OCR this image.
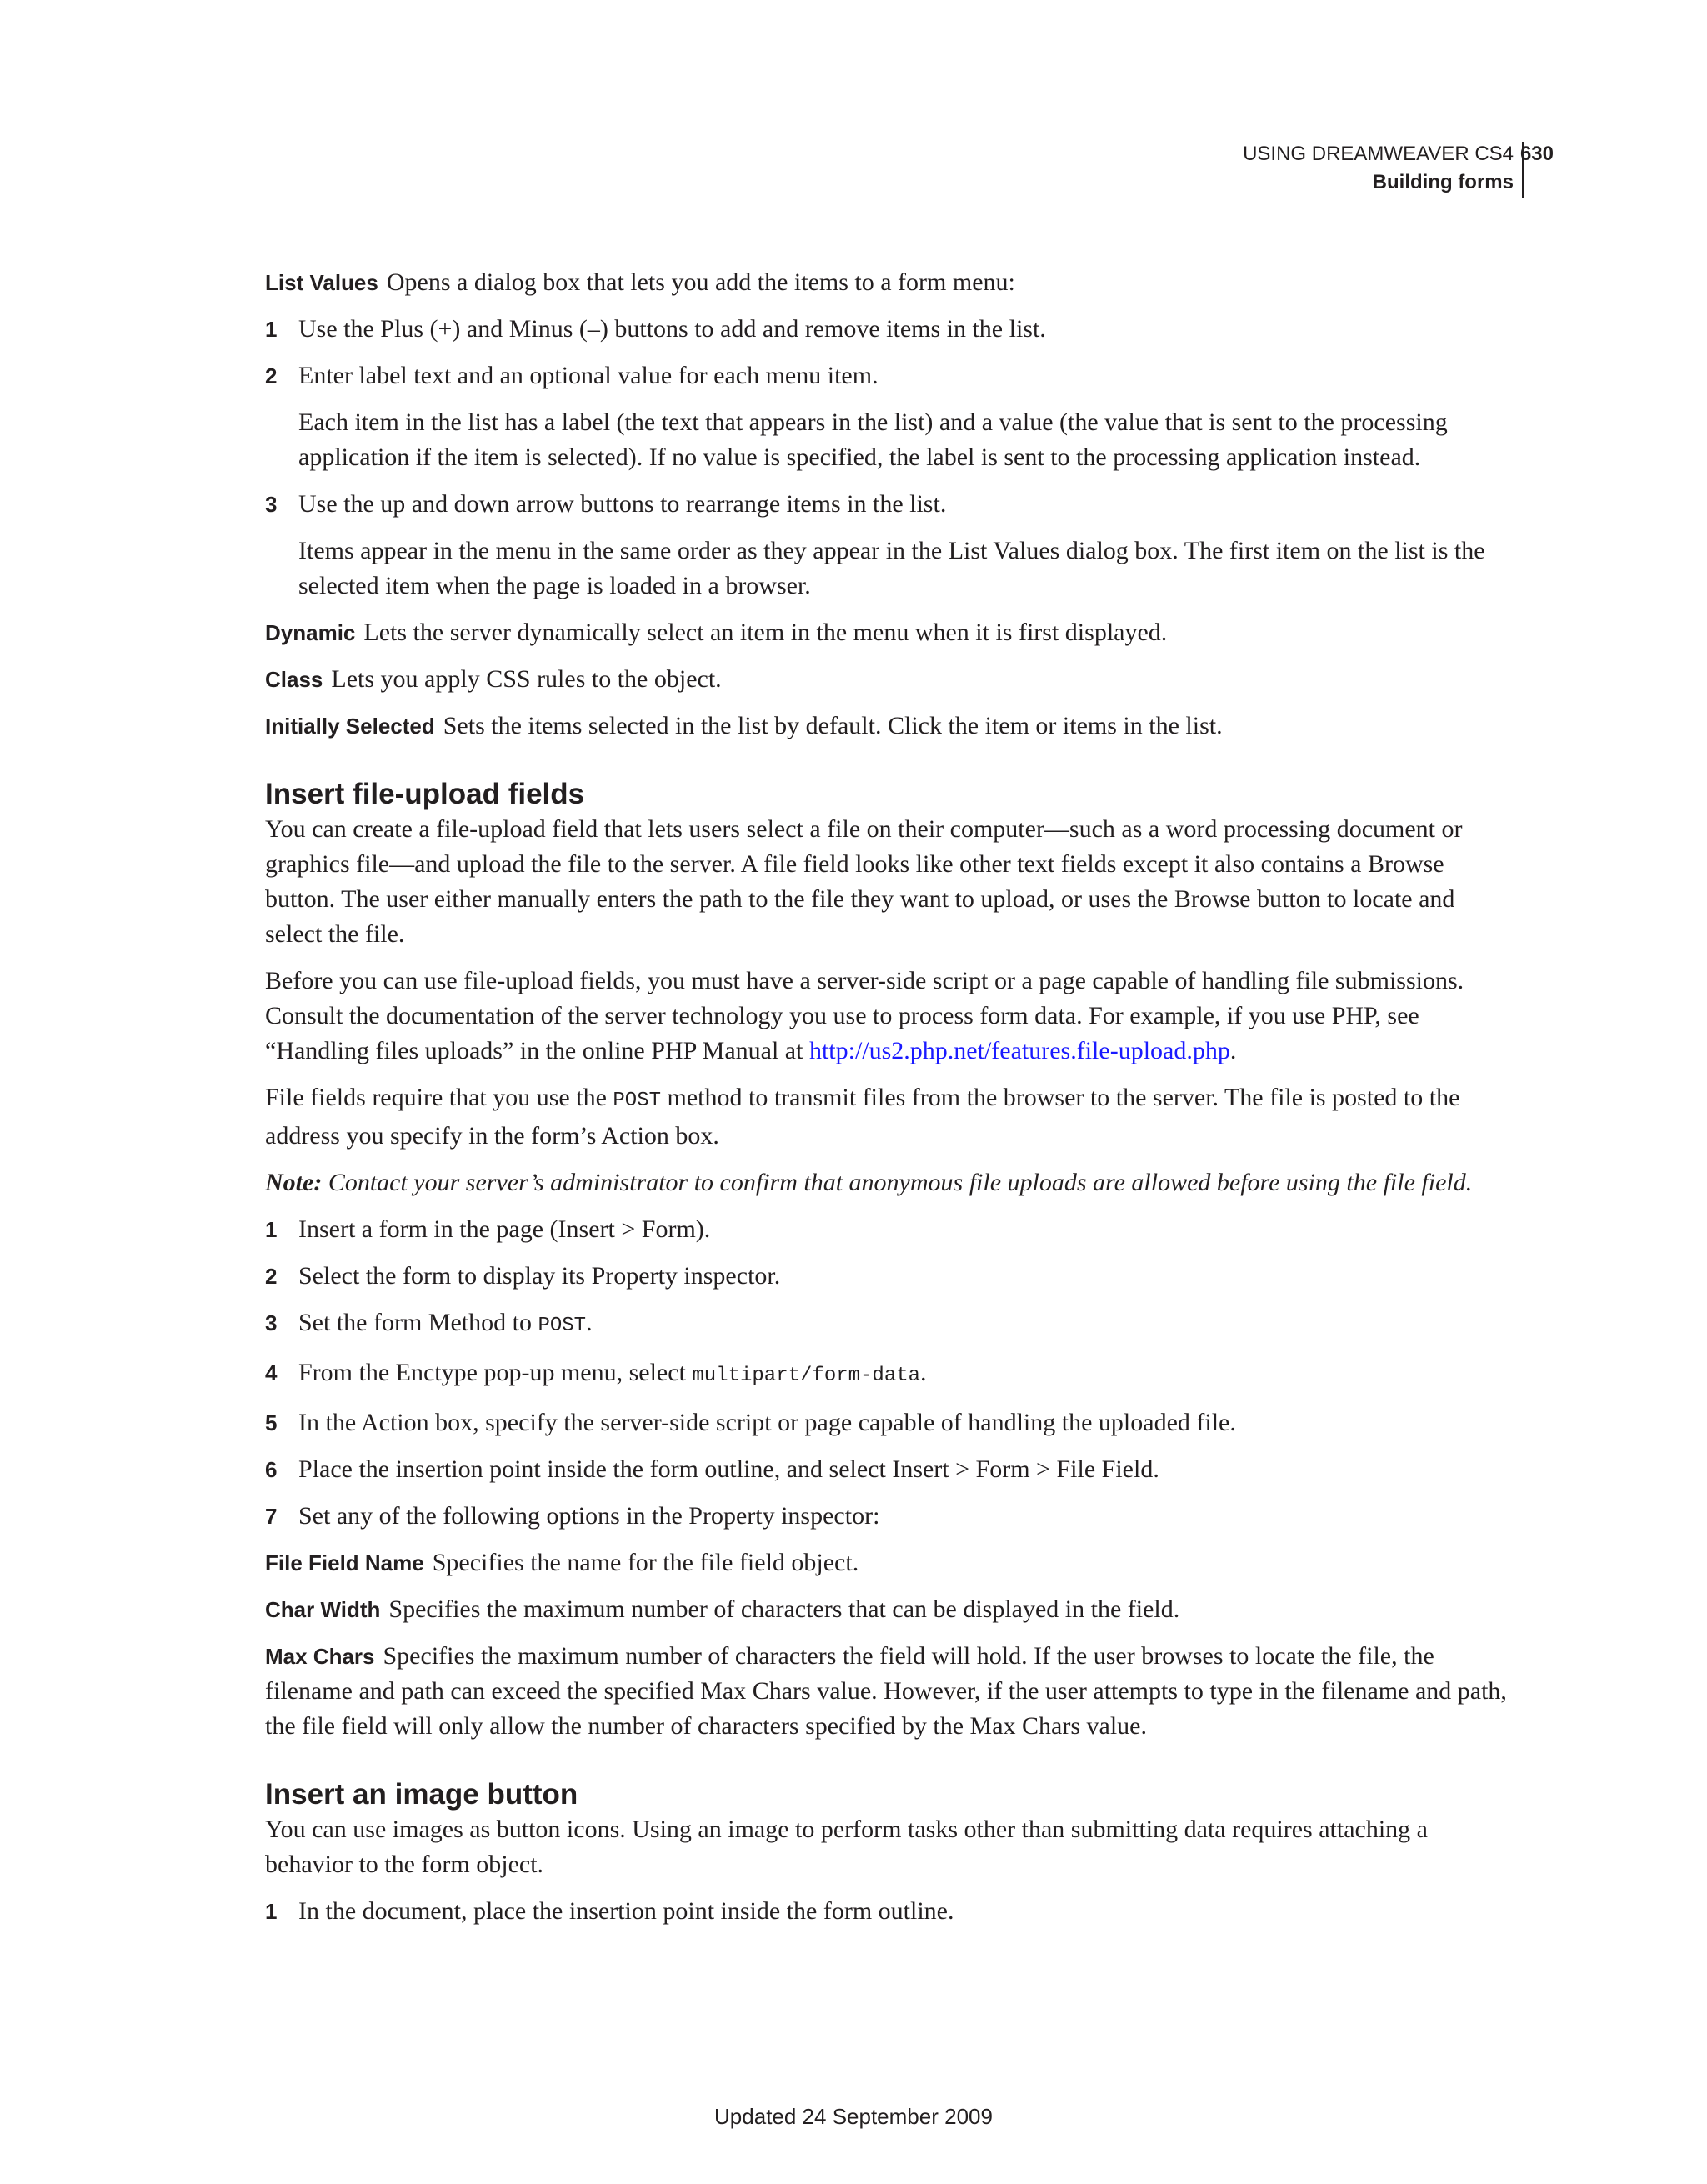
USING DREAMWEAVER CS4
Building forms
630

List Values Opens a dialog box that lets you add the items to a form menu:

1 Use the Plus (+) and Minus (–) buttons to add and remove items in the list.

2 Enter label text and an optional value for each menu item.

Each item in the list has a label (the text that appears in the list) and a value (the value that is sent to the processing application if the item is selected). If no value is specified, the label is sent to the processing application instead.

3 Use the up and down arrow buttons to rearrange items in the list.

Items appear in the menu in the same order as they appear in the List Values dialog box. The first item on the list is the selected item when the page is loaded in a browser.

Dynamic Lets the server dynamically select an item in the menu when it is first displayed.

Class Lets you apply CSS rules to the object.

Initially Selected Sets the items selected in the list by default. Click the item or items in the list.

Insert file-upload fields

You can create a file-upload field that lets users select a file on their computer—such as a word processing document or graphics file—and upload the file to the server. A file field looks like other text fields except it also contains a Browse button. The user either manually enters the path to the file they want to upload, or uses the Browse button to locate and select the file.

Before you can use file-upload fields, you must have a server-side script or a page capable of handling file submissions. Consult the documentation of the server technology you use to process form data. For example, if you use PHP, see “Handling files uploads” in the online PHP Manual at http://us2.php.net/features.file-upload.php.

File fields require that you use the POST method to transmit files from the browser to the server. The file is posted to the address you specify in the form’s Action box.

Note: Contact your server’s administrator to confirm that anonymous file uploads are allowed before using the file field.

1 Insert a form in the page (Insert > Form).

2 Select the form to display its Property inspector.

3 Set the form Method to POST.

4 From the Enctype pop-up menu, select multipart/form-data.

5 In the Action box, specify the server-side script or page capable of handling the uploaded file.

6 Place the insertion point inside the form outline, and select Insert > Form > File Field.

7 Set any of the following options in the Property inspector:

File Field Name Specifies the name for the file field object.

Char Width Specifies the maximum number of characters that can be displayed in the field.

Max Chars Specifies the maximum number of characters the field will hold. If the user browses to locate the file, the filename and path can exceed the specified Max Chars value. However, if the user attempts to type in the filename and path, the file field will only allow the number of characters specified by the Max Chars value.

Insert an image button

You can use images as button icons. Using an image to perform tasks other than submitting data requires attaching a behavior to the form object.

1 In the document, place the insertion point inside the form outline.

Updated 24 September 2009
